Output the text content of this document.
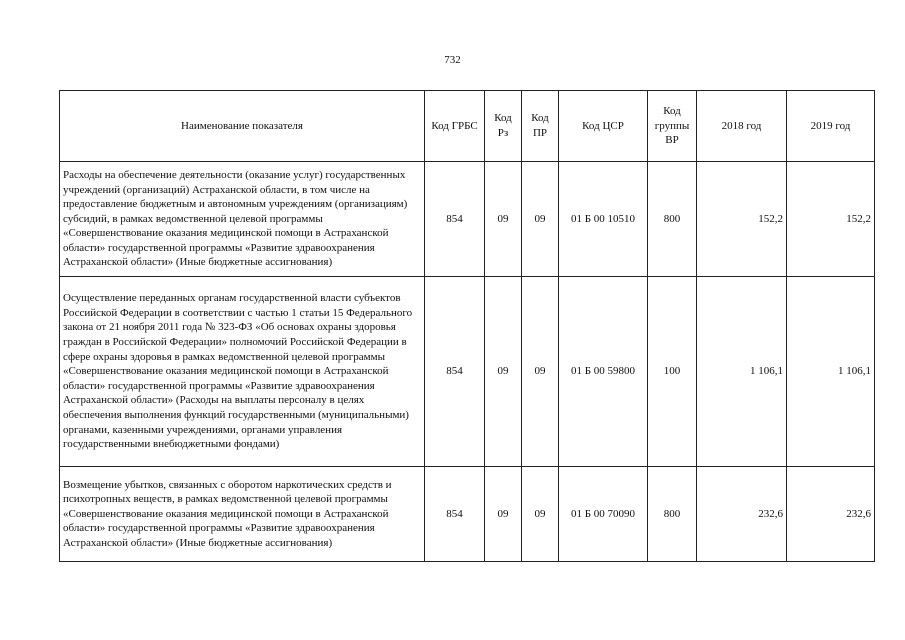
732
Наименование показателя	Код ГРБС	Код Рз	Код ПР	Код ЦСР	Код группы ВР	2018 год	2019 год
Расходы на обеспечение деятельности (оказание услуг) государственных учреждений (организаций) Астраханской области, в том числе на предоставление бюджетным и автономным учреждениям (организациям) субсидий, в рамках ведомственной целевой программы «Совершенствование оказания медицинской помощи в Астраханской области» государственной программы «Развитие здравоохранения Астраханской области» (Иные бюджетные ассигнования)	854	09	09	01 Б 00 10510	800	152,2	152,2
Осуществление переданных органам государственной власти субъектов Российской Федерации в соответствии с частью 1 статьи 15 Федерального закона от 21 ноября 2011 года № 323-ФЗ «Об основах охраны здоровья граждан в Российской Федерации» полномочий Российской Федерации в сфере охраны здоровья в рамках ведомственной целевой программы «Совершенствование оказания медицинской помощи в Астраханской области» государственной программы «Развитие здравоохранения Астраханской области» (Расходы на выплаты персоналу в целях обеспечения выполнения функций государственными (муниципальными) органами, казенными учреждениями, органами управления государственными внебюджетными фондами)	854	09	09	01 Б 00 59800	100	1 106,1	1 106,1
Возмещение убытков, связанных с оборотом наркотических средств и психотропных веществ, в рамках ведомственной целевой программы «Совершенствование оказания медицинской помощи в Астраханской области» государственной программы «Развитие здравоохранения Астраханской области» (Иные бюджетные ассигнования)	854	09	09	01 Б 00 70090	800	232,6	232,6
